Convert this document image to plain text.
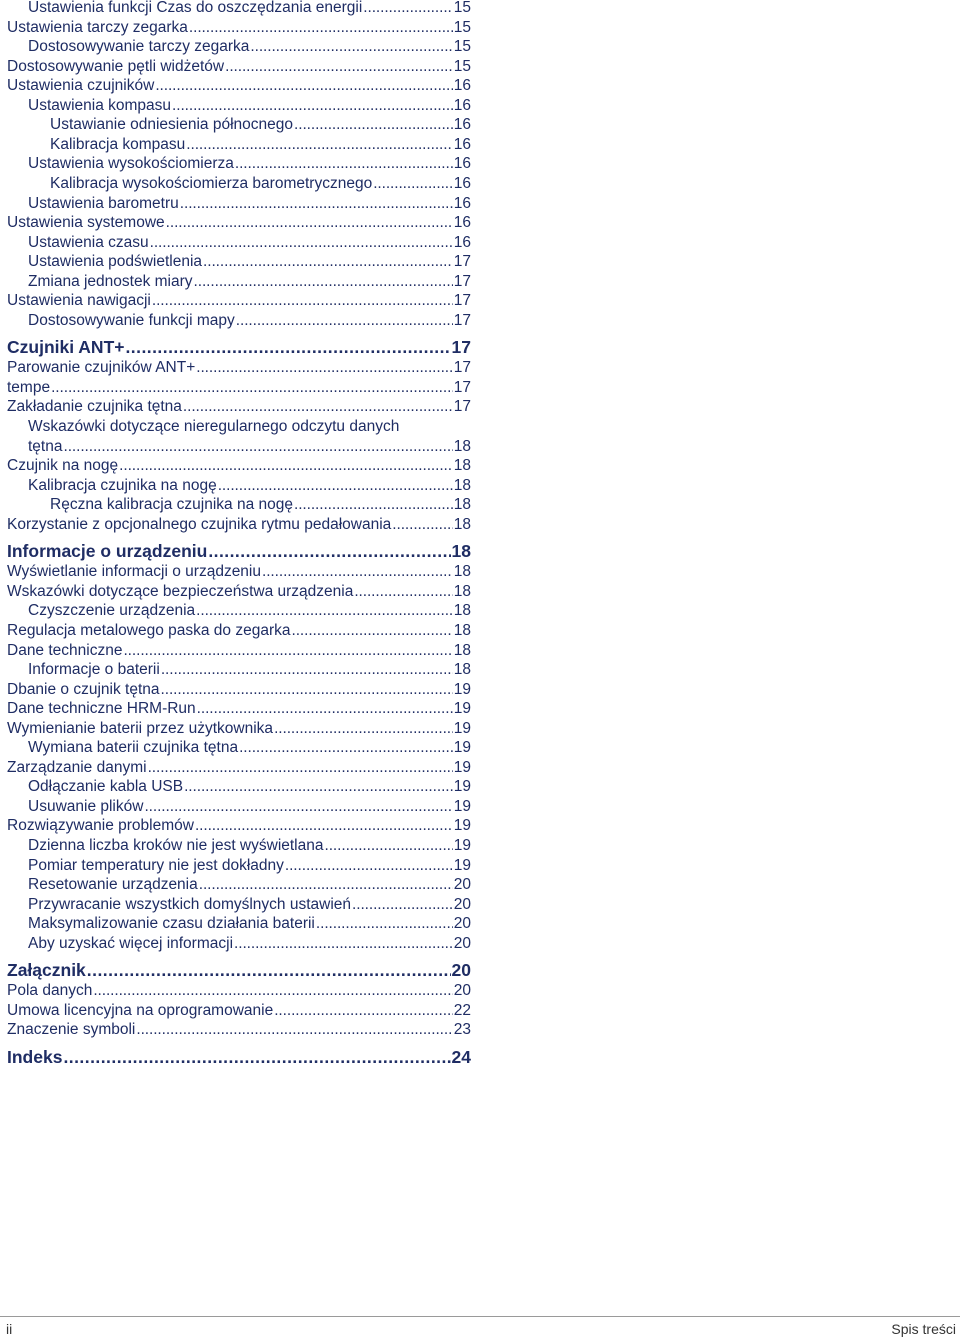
Ustawienia funkcji Czas do oszczędzania energii . . .	15
Ustawienia tarczy zegarka . . .	15
Dostosowywanie tarczy zegarka . . .	15
Dostosowywanie pętli widżetów . . .	15
Ustawienia czujników . . .	16
Ustawienia kompasu . . .	16
Ustawianie odniesienia północnego . . .	16
Kalibracja kompasu . . .	16
Ustawienia wysokościomierza . . .	16
Kalibracja wysokościomierza barometrycznego . . .	16
Ustawienia barometru . . .	16
Ustawienia systemowe . . .	16
Ustawienia czasu . . .	16
Ustawienia podświetlenia . . .	17
Zmiana jednostek miary . . .	17
Ustawienia nawigacji . . .	17
Dostosowywanie funkcji mapy . . .	17
Czujniki ANT+ . . .	17
Parowanie czujników ANT+ . . .	17
tempe . . .	17
Zakładanie czujnika tętna . . .	17
Wskazówki dotyczące nieregularnego odczytu danych
tętna . . .	18
Czujnik na nogę . . .	18
Kalibracja czujnika na nogę . . .	18
Ręczna kalibracja czujnika na nogę . . .	18
Korzystanie z opcjonalnego czujnika rytmu pedałowania . . .	18
Informacje o urządzeniu . . .	18
Wyświetlanie informacji o urządzeniu . . .	18
Wskazówki dotyczące bezpieczeństwa urządzenia . . .	18
Czyszczenie urządzenia . . .	18
Regulacja metalowego paska do zegarka . . .	18
Dane techniczne . . .	18
Informacje o baterii . . .	18
Dbanie o czujnik tętna . . .	19
Dane techniczne HRM-Run . . .	19
Wymienianie baterii przez użytkownika . . .	19
Wymiana baterii czujnika tętna . . .	19
Zarządzanie danymi . . .	19
Odłączanie kabla USB . . .	19
Usuwanie plików . . .	19
Rozwiązywanie problemów . . .	19
Dzienna liczba kroków nie jest wyświetlana . . .	19
Pomiar temperatury nie jest dokładny . . .	19
Resetowanie urządzenia . . .	20
Przywracanie wszystkich domyślnych ustawień . . .	20
Maksymalizowanie czasu działania baterii . . .	20
Aby uzyskać więcej informacji . . .	20
Załącznik . . .	20
Pola danych . . .	20
Umowa licencyjna na oprogramowanie . . .	22
Znaczenie symboli . . .	23
Indeks . . .	24
ii	Spis treści
